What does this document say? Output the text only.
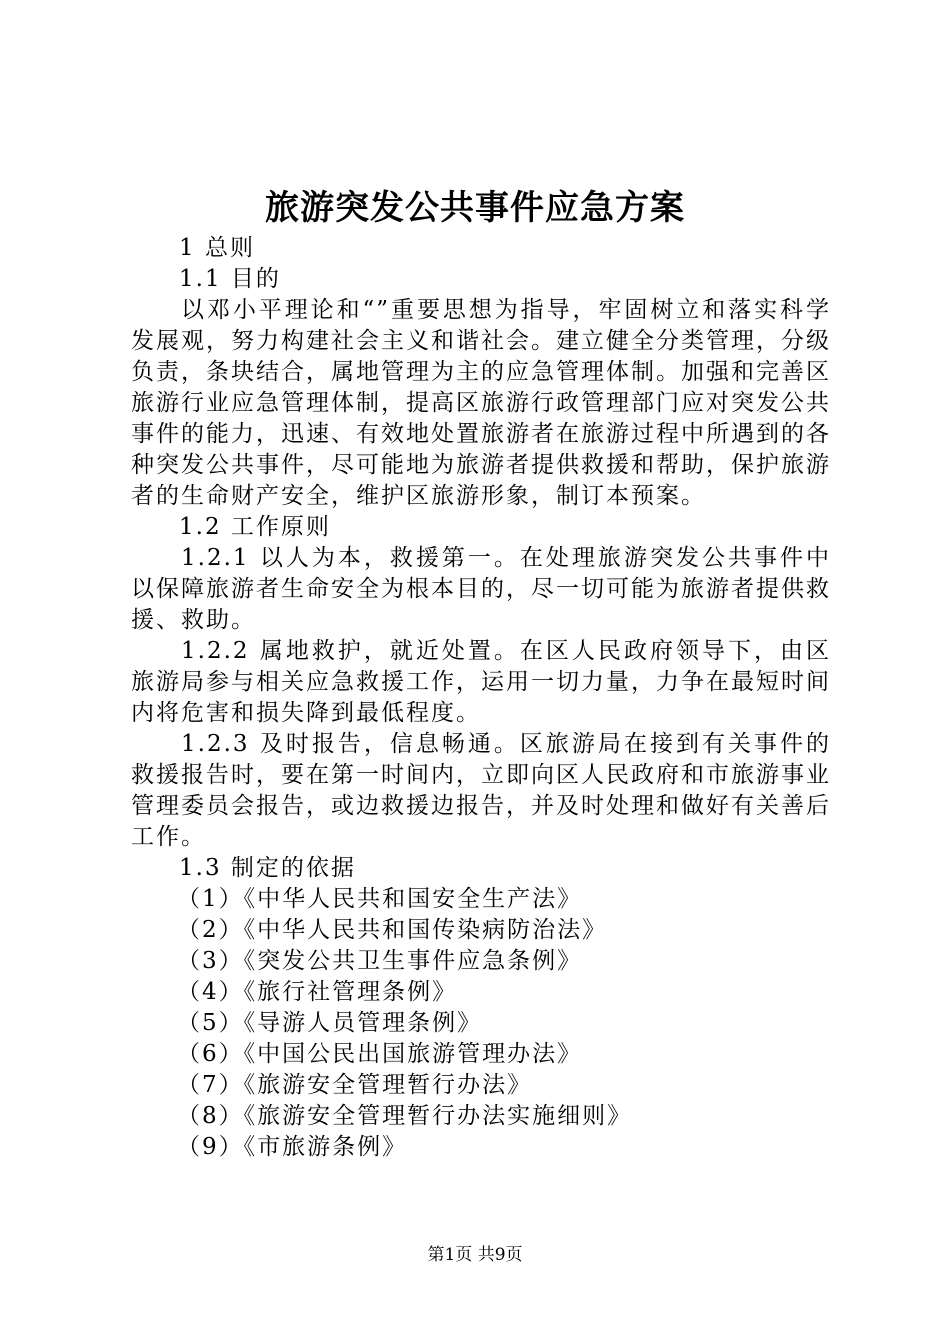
旅游突发公共事件应急方案

1 总则

1.1 目的

以邓小平理论和“”重要思想为指导，牢固树立和落实科学发展观，努力构建社会主义和谐社会。建立健全分类管理，分级负责，条块结合，属地管理为主的应急管理体制。加强和完善区旅游行业应急管理体制，提高区旅游行政管理部门应对突发公共事件的能力，迅速、有效地处置旅游者在旅游过程中所遇到的各种突发公共事件，尽可能地为旅游者提供救援和帮助，保护旅游者的生命财产安全，维护区旅游形象，制订本预案。

1.2 工作原则

1.2.1 以人为本，救援第一。在处理旅游突发公共事件中以保障旅游者生命安全为根本目的，尽一切可能为旅游者提供救援、救助。

1.2.2 属地救护，就近处置。在区人民政府领导下，由区旅游局参与相关应急救援工作，运用一切力量，力争在最短时间内将危害和损失降到最低程度。

1.2.3 及时报告，信息畅通。区旅游局在接到有关事件的救援报告时，要在第一时间内，立即向区人民政府和市旅游事业管理委员会报告，或边救援边报告，并及时处理和做好有关善后工作。

1.3 制定的依据

（1）《中华人民共和国安全生产法》

（2）《中华人民共和国传染病防治法》

（3）《突发公共卫生事件应急条例》

（4）《旅行社管理条例》

（5）《导游人员管理条例》

（6）《中国公民出国旅游管理办法》

（7）《旅游安全管理暂行办法》

（8）《旅游安全管理暂行办法实施细则》

（9）《市旅游条例》

第1页 共9页
